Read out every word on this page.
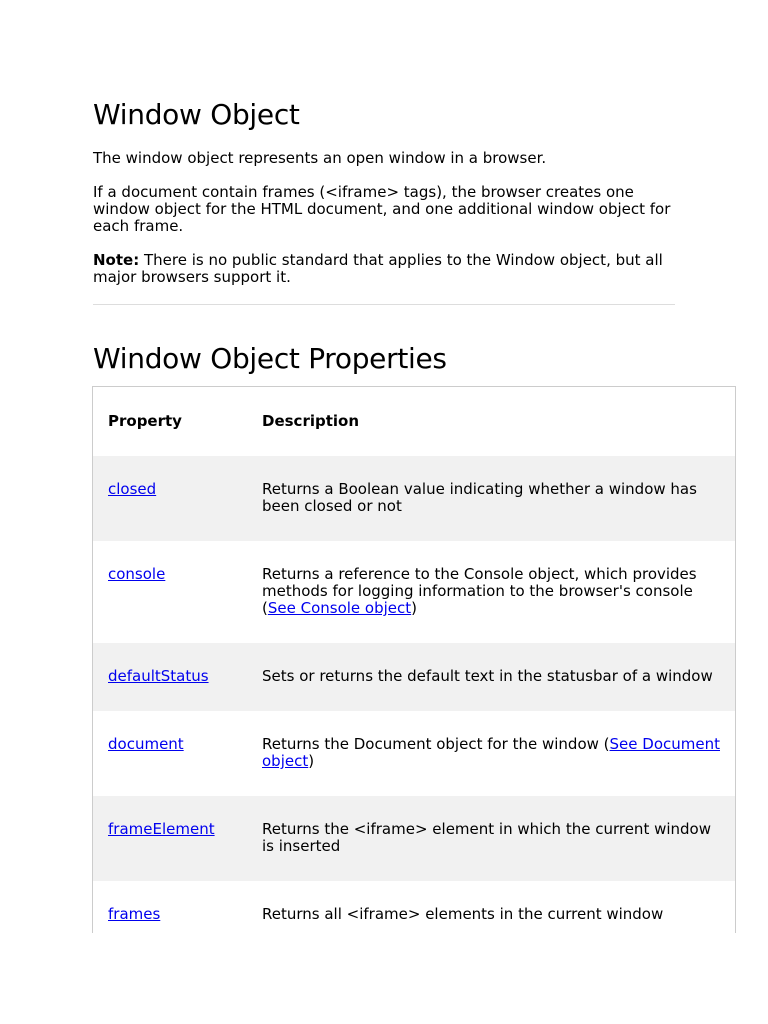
Window Object

The window object represents an open window in a browser.

If a document contain frames (<iframe> tags), the browser creates one window object for the HTML document, and one additional window object for each frame.

Note: There is no public standard that applies to the Window object, but all major browsers support it.

Window Object Properties
Property	Description
closed	Returns a Boolean value indicating whether a window has been closed or not
console	Returns a reference to the Console object, which provides methods for logging information to the browser's console (See Console object)
defaultStatus	Sets or returns the default text in the statusbar of a window
document	Returns the Document object for the window (See Document object)
frameElement	Returns the <iframe> element in which the current window is inserted
frames	Returns all <iframe> elements in the current window
